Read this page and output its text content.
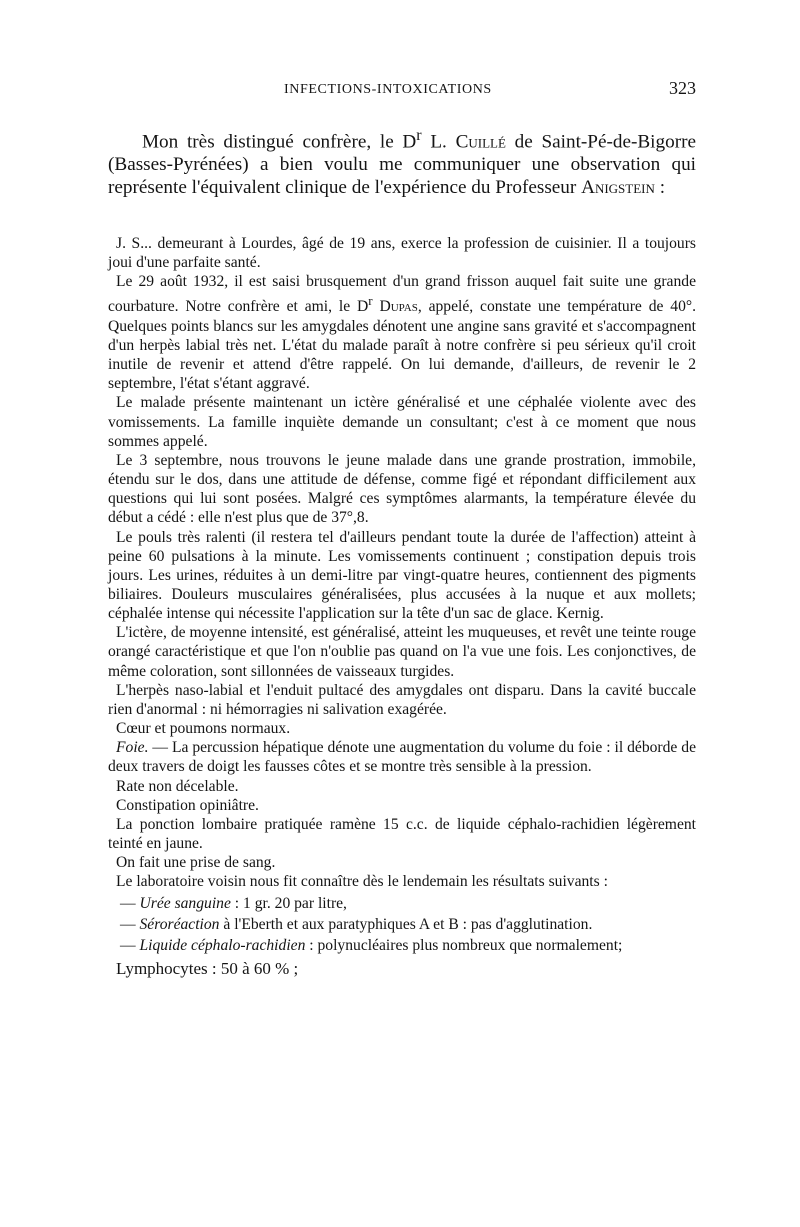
INFECTIONS-INTOXICATIONS	323

Mon très distingué confrère, le $D^r$ L. Cuillé de Saint-Pé-de-Bigorre (Basses-Pyrénées) a bien voulu me communiquer une observation qui représente l'équivalent clinique de l'expérience du Professeur Anigstein :

J. S... demeurant à Lourdes, âgé de 19 ans, exerce la profession de cuisinier. Il a toujours joui d'une parfaite santé.

Le 29 août 1932, il est saisi brusquement d'un grand frisson auquel fait suite une grande courbature. Notre confrère et ami, le $D^r$ Dupas, appelé, constate une température de 40°. Quelques points blancs sur les amygdales dénotent une angine sans gravité et s'accompagnent d'un herpès labial très net. L'état du malade paraît à notre confrère si peu sérieux qu'il croit inutile de revenir et attend d'être rappelé. On lui demande, d'ailleurs, de revenir le 2 septembre, l'état s'étant aggravé.

Le malade présente maintenant un ictère généralisé et une céphalée violente avec des vomissements. La famille inquiète demande un consultant; c'est à ce moment que nous sommes appelé.

Le 3 septembre, nous trouvons le jeune malade dans une grande prostration, immobile, étendu sur le dos, dans une attitude de défense, comme figé et répondant difficilement aux questions qui lui sont posées. Malgré ces symptômes alarmants, la température élevée du début a cédé : elle n'est plus que de 37°,8.

Le pouls très ralenti (il restera tel d'ailleurs pendant toute la durée de l'affection) atteint à peine 60 pulsations à la minute. Les vomissements continuent ; constipation depuis trois jours. Les urines, réduites à un demi-litre par vingt-quatre heures, contiennent des pigments biliaires. Douleurs musculaires généralisées, plus accusées à la nuque et aux mollets; céphalée intense qui nécessite l'application sur la tête d'un sac de glace. Kernig.

L'ictère, de moyenne intensité, est généralisé, atteint les muqueuses, et revêt une teinte rouge orangé caractéristique et que l'on n'oublie pas quand on l'a vue une fois. Les conjonctives, de même coloration, sont sillonnées de vaisseaux turgides.

L'herpès naso-labial et l'enduit pultacé des amygdales ont disparu. Dans la cavité buccale rien d'anormal : ni hémorragies ni salivation exagérée.

Cœur et poumons normaux.

Foie. — La percussion hépatique dénote une augmentation du volume du foie : il déborde de deux travers de doigt les fausses côtes et se montre très sensible à la pression.

Rate non décelable.

Constipation opiniâtre.

La ponction lombaire pratiquée ramène 15 c.c. de liquide céphalo-rachidien légèrement teinté en jaune.

On fait une prise de sang.

Le laboratoire voisin nous fit connaître dès le lendemain les résultats suivants :

— Urée sanguine : 1 gr. 20 par litre,

— Séroréaction à l'Eberth et aux paratyphiques A et B : pas d'agglutination.

— Liquide céphalo-rachidien : polynucléaires plus nombreux que normalement;

Lymphocytes : 50 à 60 % ;
